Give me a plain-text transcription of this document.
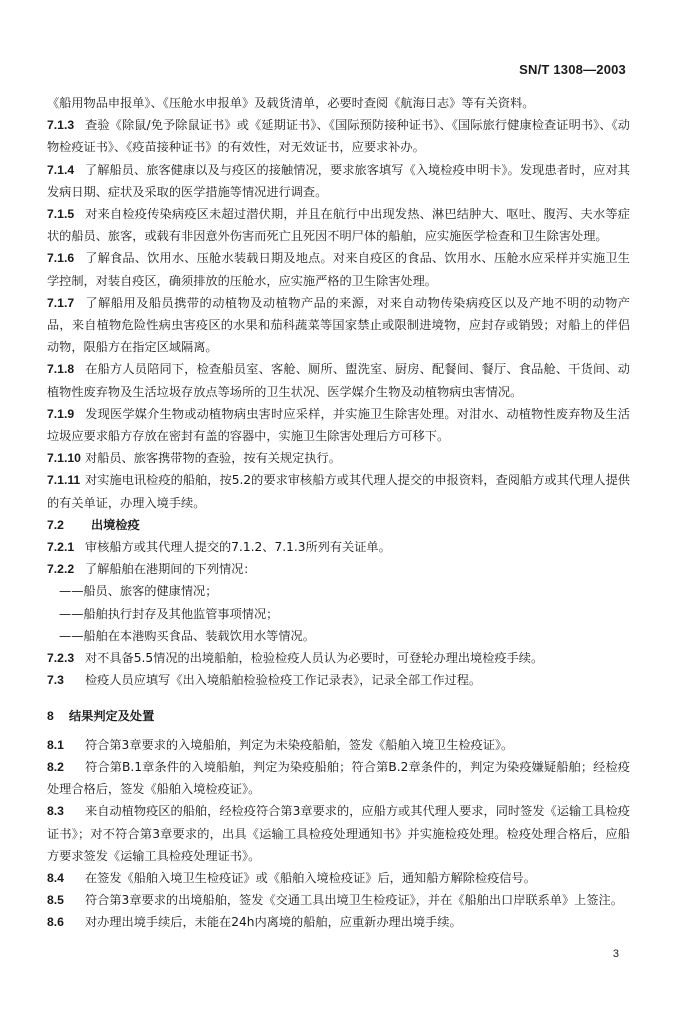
SN/T 1308—2003

《船用物品申报单》、《压舱水申报单》及载货清单，必要时查阅《航海日志》等有关资料。

7.1.3 查验《除鼠/免予除鼠证书》或《延期证书》、《国际预防接种证书》、《国际旅行健康检查证明书》、《动物检疫证书》、《疫苗接种证书》的有效性，对无效证书，应要求补办。

7.1.4 了解船员、旅客健康以及与疫区的接触情况，要求旅客填写《入境检疫申明卡》。发现患者时，应对其发病日期、症状及采取的医学措施等情况进行调查。

7.1.5 对来自检疫传染病疫区未超过潜伏期，并且在航行中出现发热、淋巴结肿大、呕吐、腹泻、夫水等症状的船员、旅客，或载有非因意外伤害而死亡且死因不明尸体的船舶，应实施医学检查和卫生除害处理。

7.1.6 了解食品、饮用水、压舱水装载日期及地点。对来自疫区的食品、饮用水、压舱水应采样并实施卫生学控制，对装自疫区，确须排放的压舱水，应实施严格的卫生除害处理。

7.1.7 了解船用及船员携带的动植物及动植物产品的来源，对来自动物传染病疫区以及产地不明的动物产品，来自植物危险性病虫害疫区的水果和茄科蔬菜等国家禁止或限制进境物，应封存或销毁；对船上的伴侣动物，限船方在指定区域隔离。

7.1.8 在船方人员陪同下，检查船员室、客舱、厕所、盥洗室、厨房、配餐间、餐厅、食品舱、干货间、动植物性废弃物及生活垃圾存放点等场所的卫生状况、医学媒介生物及动植物病虫害情况。

7.1.9 发现医学媒介生物或动植物病虫害时应采样，并实施卫生除害处理。对泔水、动植物性废弃物及生活垃圾应要求船方存放在密封有盖的容器中，实施卫生除害处理后方可移下。

7.1.10 对船员、旅客携带物的查验，按有关规定执行。

7.1.11 对实施电讯检疫的船舶，按5.2的要求审核船方或其代理人提交的申报资料，查阅船方或其代理人提供的有关单证，办理入境手续。

7.2 出境检疫

7.2.1 审核船方或其代理人提交的7.1.2、7.1.3所列有关证单。

7.2.2 了解船舶在港期间的下列情况：

——船员、旅客的健康情况；

——船舶执行封存及其他监管事项情况；

——船舶在本港购买食品、装载饮用水等情况。

7.2.3 对不具备5.5情况的出境船舶，检验检疫人员认为必要时，可登轮办理出境检疫手续。

7.3 检疫人员应填写《出入境船舶检验检疫工作记录表》，记录全部工作过程。

8 结果判定及处置

8.1 符合第3章要求的入境船舶，判定为未染疫船舶，签发《船舶入境卫生检疫证》。

8.2 符合第B.1章条件的入境船舶，判定为染疫船舶；符合第B.2章条件的，判定为染疫嫌疑船舶；经检疫处理合格后，签发《船舶入境检疫证》。

8.3 来自动植物疫区的船舶，经检疫符合第3章要求的，应船方或其代理人要求，同时签发《运输工具检疫证书》；对不符合第3章要求的，出具《运输工具检疫处理通知书》并实施检疫处理。检疫处理合格后，应船方要求签发《运输工具检疫处理证书》。

8.4 在签发《船舶入境卫生检疫证》或《船舶入境检疫证》后，通知船方解除检疫信号。

8.5 符合第3章要求的出境船舶，签发《交通工具出境卫生检疫证》，并在《船舶出口岸联系单》上签注。

8.6 对办理出境手续后，未能在24h内离境的船舶，应重新办理出境手续。

3
